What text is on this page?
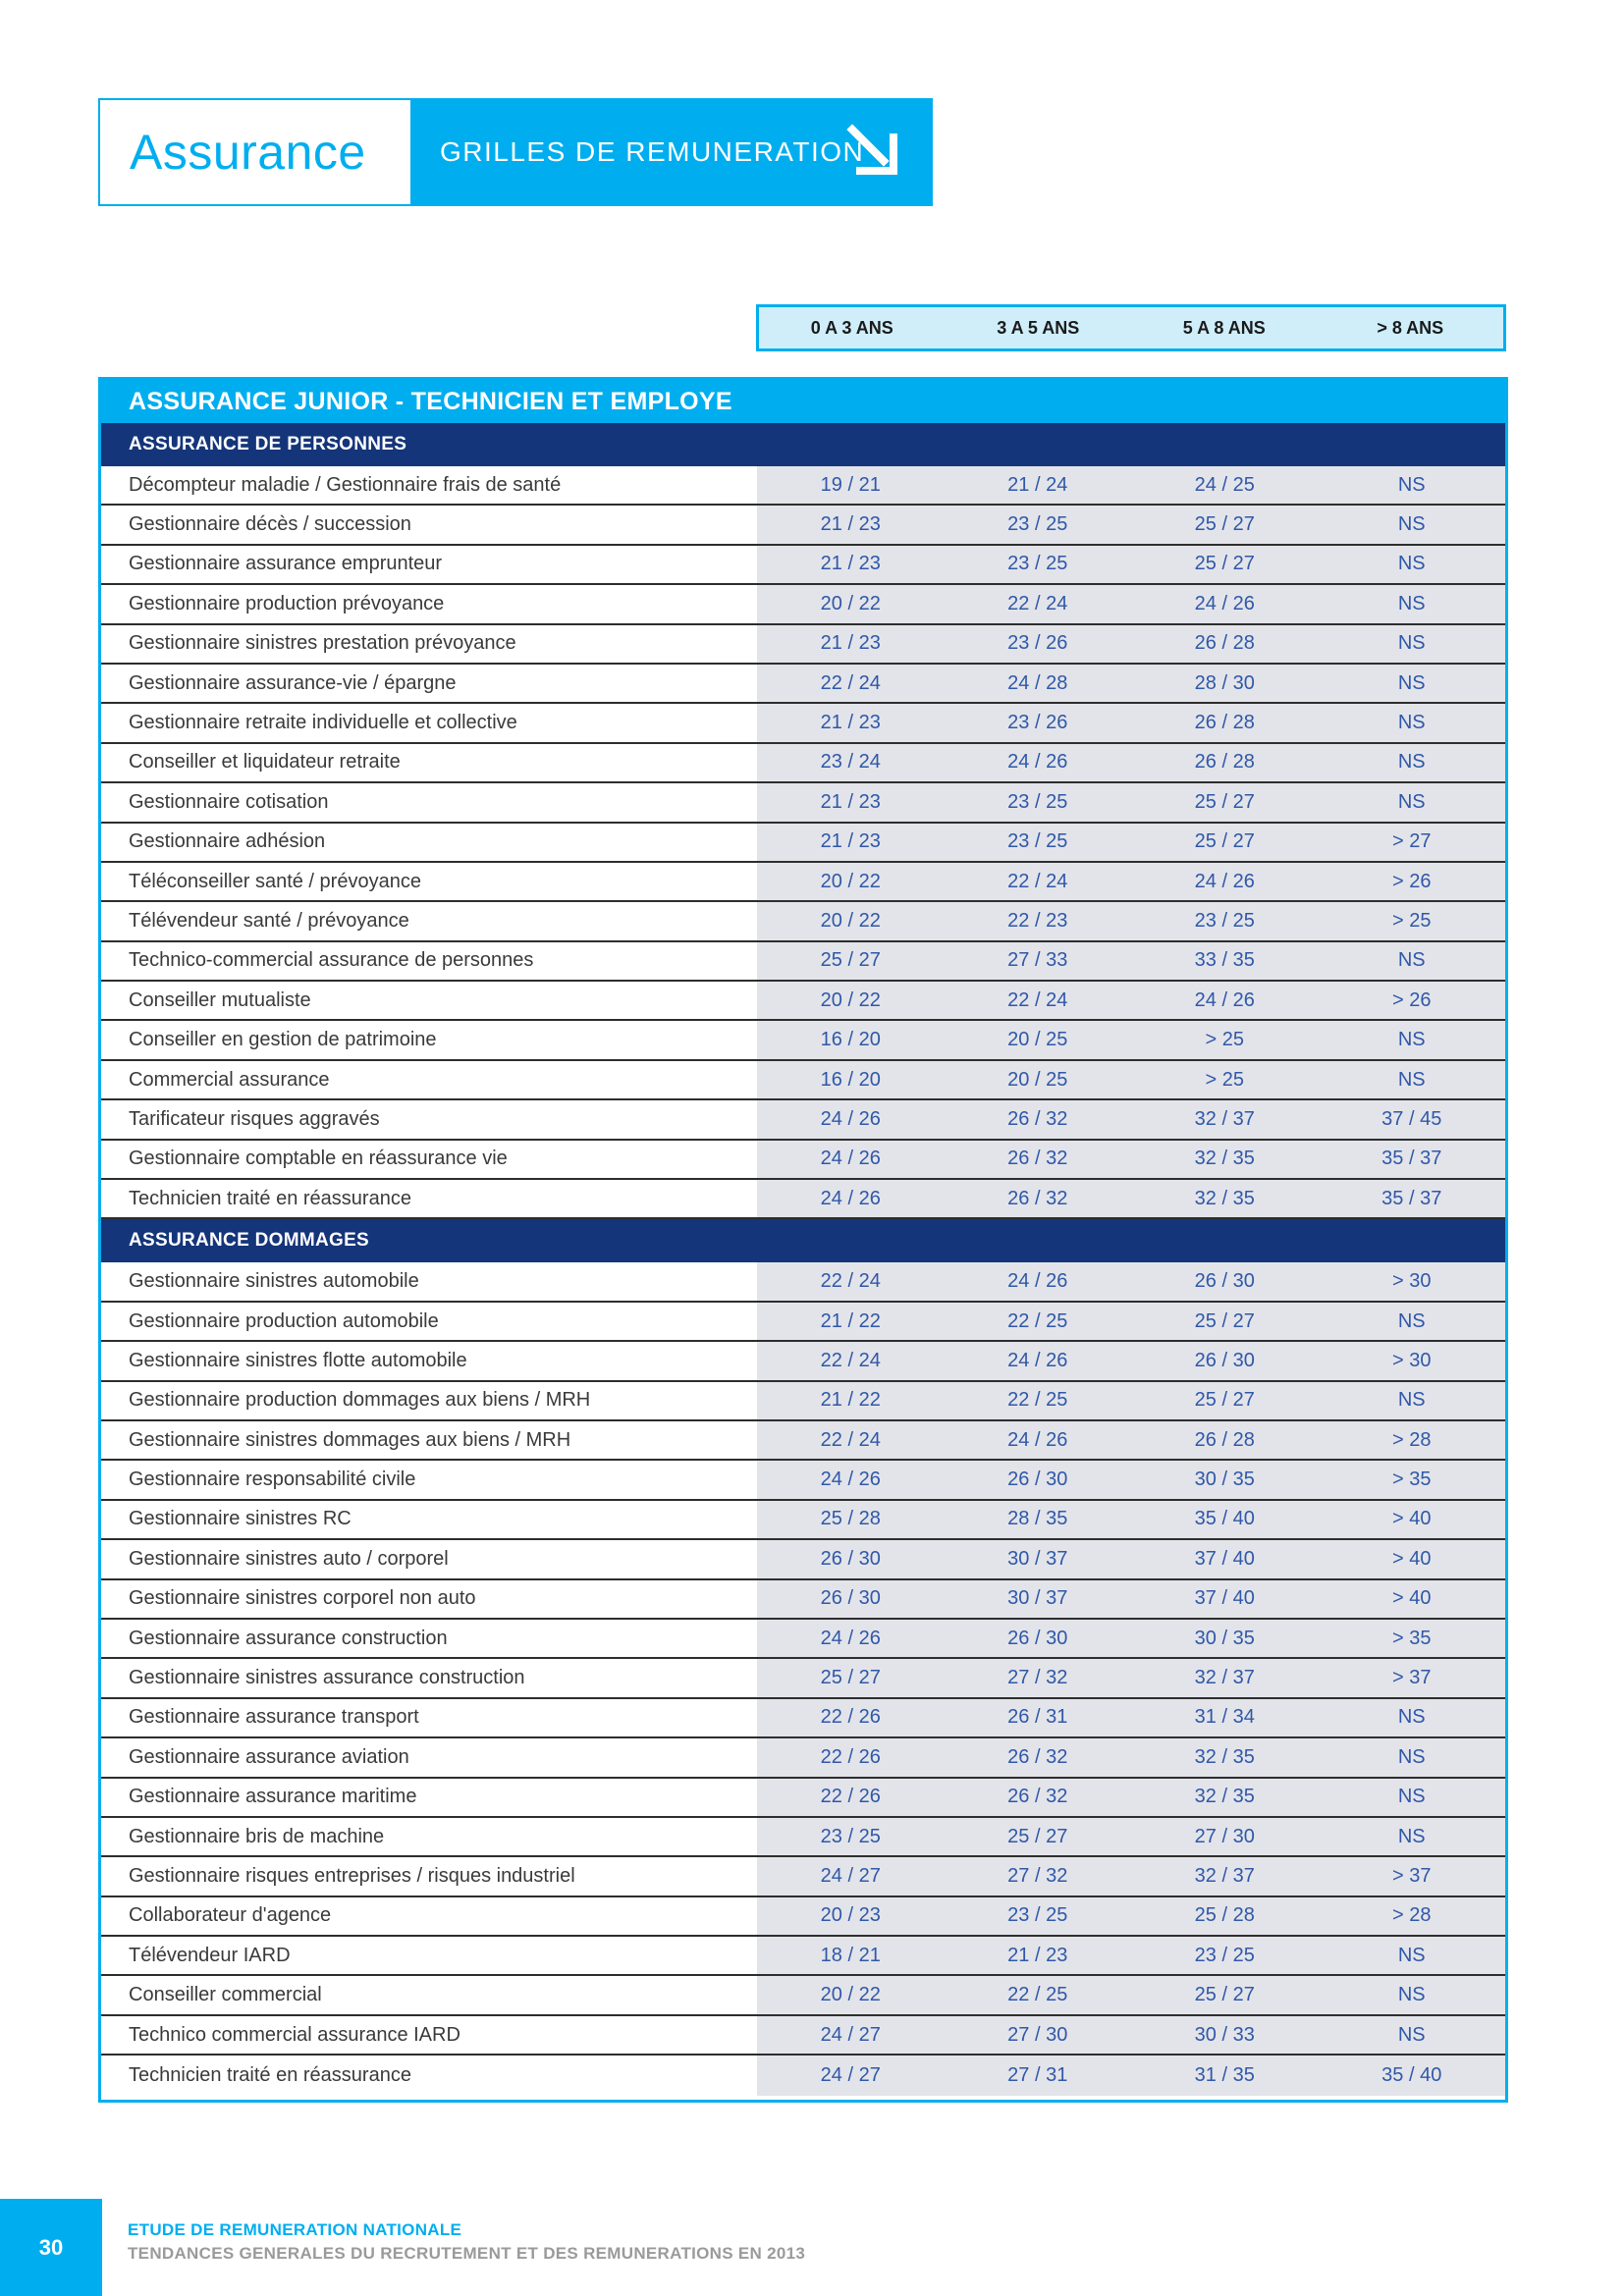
Assurance	GRILLES DE REMUNERATION
0 A 3 ANS	3 A 5 ANS	5 A 8 ANS	> 8 ANS
ASSURANCE JUNIOR - TECHNICIEN ET EMPLOYE
ASSURANCE DE PERSONNES
Décompteur maladie / Gestionnaire frais de santé	19 / 21	21 / 24	24 / 25	NS
Gestionnaire décès / succession	21 / 23	23 / 25	25 / 27	NS
Gestionnaire assurance emprunteur	21 / 23	23 / 25	25 / 27	NS
Gestionnaire production prévoyance	20 / 22	22 / 24	24 / 26	NS
Gestionnaire sinistres prestation prévoyance	21 / 23	23 / 26	26 / 28	NS
Gestionnaire assurance-vie / épargne	22 / 24	24 / 28	28 / 30	NS
Gestionnaire retraite individuelle et collective	21 / 23	23 / 26	26 / 28	NS
Conseiller et liquidateur retraite	23 / 24	24 / 26	26 / 28	NS
Gestionnaire cotisation	21 / 23	23 / 25	25 / 27	NS
Gestionnaire adhésion	21 / 23	23 / 25	25 / 27	> 27
Téléconseiller santé / prévoyance	20 / 22	22 / 24	24 / 26	> 26
Télévendeur santé / prévoyance	20 / 22	22 / 23	23 / 25	> 25
Technico-commercial assurance de personnes	25 / 27	27 / 33	33 / 35	NS
Conseiller mutualiste	20 / 22	22 / 24	24 / 26	> 26
Conseiller en gestion de patrimoine	16 / 20	20 / 25	> 25	NS
Commercial assurance	16 / 20	20 / 25	> 25	NS
Tarificateur risques aggravés	24 / 26	26 / 32	32 / 37	37 / 45
Gestionnaire comptable en réassurance vie	24 / 26	26 / 32	32 / 35	35 / 37
Technicien traité en réassurance	24 / 26	26 / 32	32 / 35	35 / 37
ASSURANCE DOMMAGES
Gestionnaire sinistres automobile	22 / 24	24 / 26	26 / 30	> 30
Gestionnaire production automobile	21 / 22	22 / 25	25 / 27	NS
Gestionnaire sinistres flotte automobile	22 / 24	24 / 26	26 / 30	> 30
Gestionnaire production dommages aux biens / MRH	21 / 22	22 / 25	25 / 27	NS
Gestionnaire sinistres dommages aux biens / MRH	22 / 24	24 / 26	26 / 28	> 28
Gestionnaire responsabilité civile	24 / 26	26 / 30	30 / 35	> 35
Gestionnaire sinistres RC	25 / 28	28 / 35	35 / 40	> 40
Gestionnaire sinistres auto / corporel	26 / 30	30 / 37	37 / 40	> 40
Gestionnaire sinistres corporel non auto	26 / 30	30 / 37	37 / 40	> 40
Gestionnaire assurance construction	24 / 26	26 / 30	30 / 35	> 35
Gestionnaire sinistres assurance construction	25 / 27	27 / 32	32 / 37	> 37
Gestionnaire assurance transport	22 / 26	26 / 31	31 / 34	NS
Gestionnaire assurance aviation	22 / 26	26 / 32	32 / 35	NS
Gestionnaire assurance maritime	22 / 26	26 / 32	32 / 35	NS
Gestionnaire bris de machine	23 / 25	25 / 27	27 / 30	NS
Gestionnaire risques entreprises / risques industriel	24 / 27	27 / 32	32 / 37	> 37
Collaborateur d'agence	20 / 23	23 / 25	25 / 28	> 28
Télévendeur IARD	18 / 21	21 / 23	23 / 25	NS
Conseiller commercial	20 / 22	22 / 25	25 / 27	NS
Technico commercial assurance IARD	24 / 27	27 / 30	30 / 33	NS
Technicien traité en réassurance	24 / 27	27 / 31	31 / 35	35 / 40
30
ETUDE DE REMUNERATION NATIONALE
TENDANCES GENERALES DU RECRUTEMENT ET DES REMUNERATIONS EN 2013
